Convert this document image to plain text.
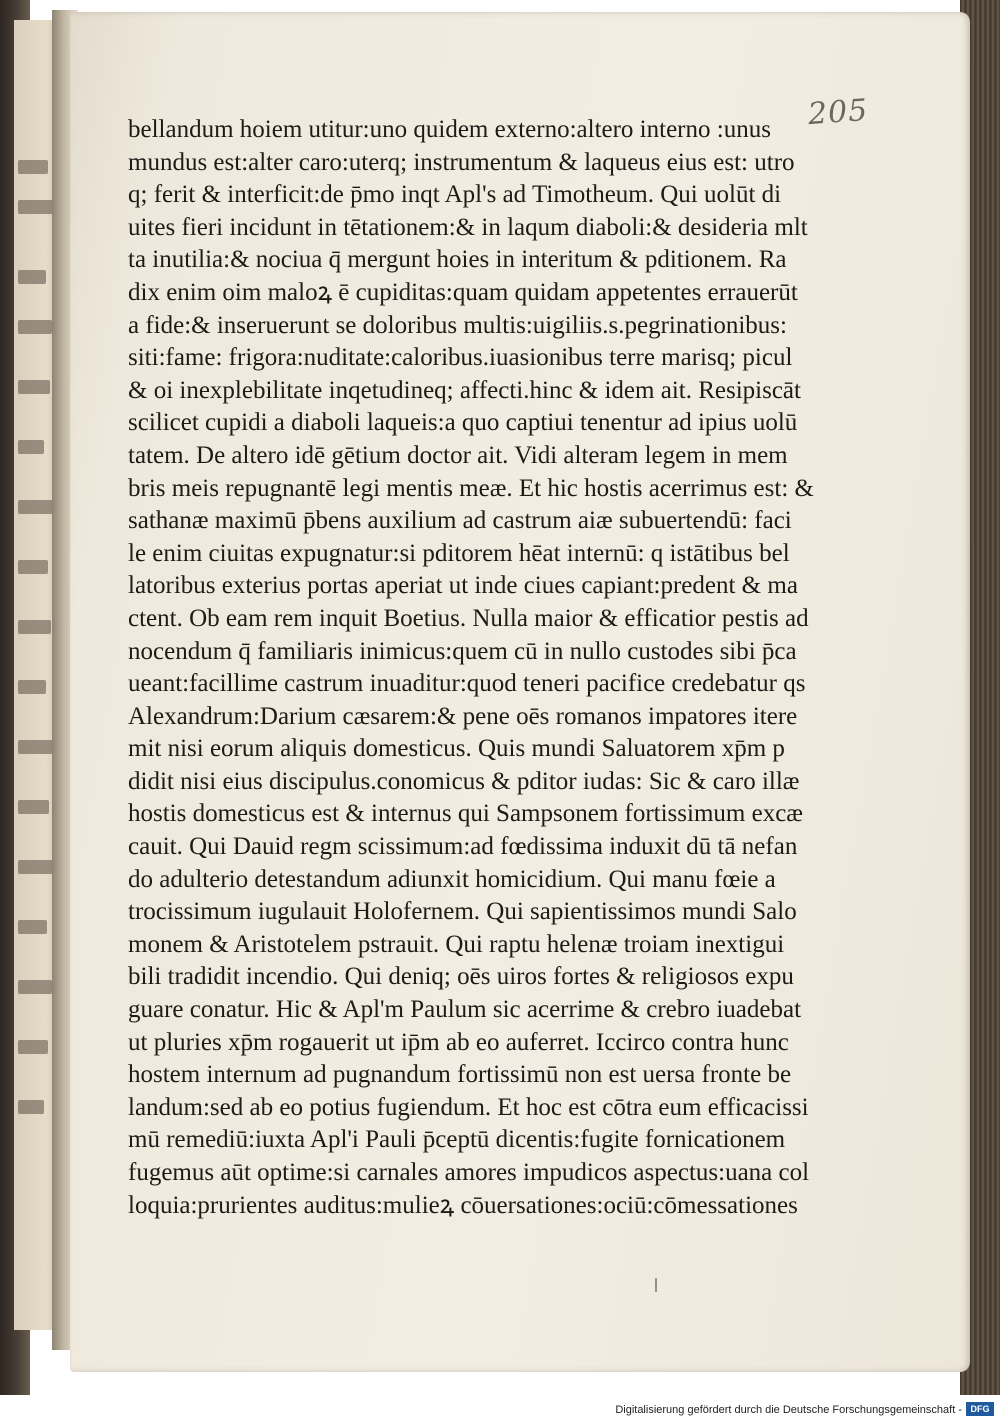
205
bellandum hoiem utitur:uno quidem externo:altero interno :unus
mundus est:alter caro:uterq; instrumentum & laqueus eius est: utro
q; ferit & interficit:de p̄mo inqt Apl's ad Timotheum. Qui uolūt di
uites fieri incidunt in tētationem:& in laqum diaboli:& desideria mlt
ta inutilia:& nociua q̄ mergunt hoies in interitum & pditionem. Ra
dix enim oim maloꝝ ē cupiditas:quam quidam appetentes errauerūt
a fide:& inseruerunt se doloribus multis:uigiliis.s.pegrinationibus:
siti:fame: frigora:nuditate:caloribus.iuasionibus terre marisq; picul
& oi inexplebilitate inqetudineq; affecti.hinc & idem ait. Resipiscāt
scilicet cupidi a diaboli laqueis:a quo captiui tenentur ad ipius uolū
tatem. De altero idē gētium doctor ait. Vidi alteram legem in mem
bris meis repugnantē legi mentis meæ. Et hic hostis acerrimus est: &
sathanæ maximū p̄bens auxilium ad castrum aiæ subuertendū: faci
le enim ciuitas expugnatur:si pditorem hēat internū: q istātibus bel
latoribus exterius portas aperiat ut inde ciues capiant:predent & ma
ctent. Ob eam rem inquit Boetius. Nulla maior & efficatior pestis ad
nocendum q̄ familiaris inimicus:quem cū in nullo custodes sibi p̄ca
ueant:facillime castrum inuaditur:quod teneri pacifice credebatur qs
Alexandrum:Darium cæsarem:& pene oēs romanos impatores itere
mit nisi eorum aliquis domesticus. Quis mundi Saluatorem xp̄m p
didit nisi eius discipulus.conomicus & pditor iudas: Sic & caro illæ
hostis domesticus est & internus qui Sampsonem fortissimum excæ
cauit. Qui Dauid regm scissimum:ad fœdissima induxit dū tā nefan
do adulterio detestandum adiunxit homicidium. Qui manu fœie a
trocissimum iugulauit Holofernem. Qui sapientissimos mundi Salo
monem & Aristotelem pstrauit. Qui raptu helenæ troiam inextigui
bili tradidit incendio. Qui deniq; oēs uiros fortes & religiosos expu
guare conatur. Hic & Apl'm Paulum sic acerrime & crebro iuadebat
ut pluries xp̄m rogauerit ut ip̄m ab eo auferret. Iccirco contra hunc
hostem internum ad pugnandum fortissimū non est uersa fronte be
landum:sed ab eo potius fugiendum. Et hoc est cōtra eum efficacissi
mū remediū:iuxta Apl'i Pauli p̄ceptū dicentis:fugite fornicationem
fugemus aūt optime:si carnales amores impudicos aspectus:uana col
loquia:prurientes auditus:mulieꝝ cōuersationes:ociū:cōmessationes
Digitalisierung gefördert durch die Deutsche Forschungsgemeinschaft - DFG
